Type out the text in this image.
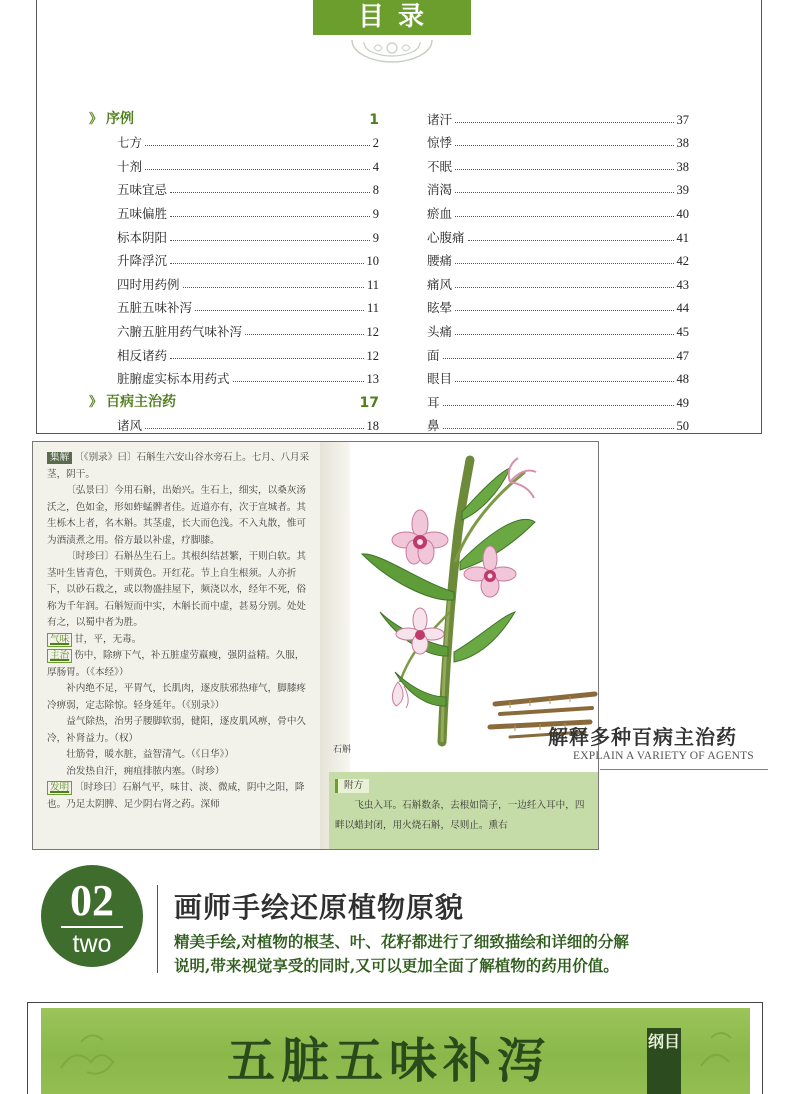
目录
》 序例	1
七方	2
十剂	4
五味宜忌	8
五味偏胜	9
标本阴阳	9
升降浮沉	10
四时用药例	11
五脏五味补泻	11
六腑五脏用药气味补泻	12
相反诸药	12
脏腑虚实标本用药式	13
》 百病主治药	17
诸风	18
诸汗	37
惊悸	38
不眠	38
消渴	39
瘀血	40
心腹痛	41
腰痛	42
痛风	43
眩晕	44
头痛	45
面	47
眼目	48
耳	49
鼻	50

集解 〔《别录》曰〕石斛生六安山谷水旁石上。七月、八月采茎，阴干。

〔弘景曰〕今用石斛，出始兴。生石上，细实，以桑灰汤沃之，色如金，形如蚱蜢髀者佳。近道亦有，次于宣城者。其生栎木上者，名木斛。其茎虚，长大而色浅。不入丸散，惟可为酒渍煮之用。俗方最以补虚，疗脚膝。

〔时珍曰〕石斛丛生石上。其根纠结甚繁，干则白软。其茎叶生皆青色，干则黄色。开红花。节上自生根须。人亦折下，以砂石栽之，或以物盛挂屋下，频浇以水，经年不死，俗称为千年润。石斛短而中实，木斛长而中虚，甚易分别。处处有之，以蜀中者为胜。

气味 甘，平，无毒。

主治 伤中，除痹下气，补五脏虚劳羸瘦，强阴益精。久服，厚肠胃。（《本经》）

补内绝不足，平胃气，长肌肉，逐皮肤邪热痱气，脚膝疼冷痹弱，定志除惊。轻身延年。（《别录》）

益气除热，治男子腰脚软弱，健阳，逐皮肌风痹，骨中久冷，补肾益力。（权）

壮筋骨，暖水脏，益智清气。（《日华》）

治发热自汗，痈疽排脓内塞。（时珍）

发明 〔时珍曰〕石斛气平，味甘、淡、微咸，阴中之阳，降也。乃足太阴脾、足少阴右肾之药。深师

石斛
附方
飞虫入耳。石斛数条，去根如筒子，一边纴入耳中，四畔以蜡封闭，用火烧石斛，尽则止。熏右
解释多种百病主治药
EXPLAIN A VARIETY OF AGENTS
02
two
画师手绘还原植物原貌
精美手绘,对植物的根茎、叶、花籽都进行了细致描绘和详细的分解
说明,带来视觉享受的同时,又可以更加全面了解植物的药用价值。
五脏五味补泻	纲目
